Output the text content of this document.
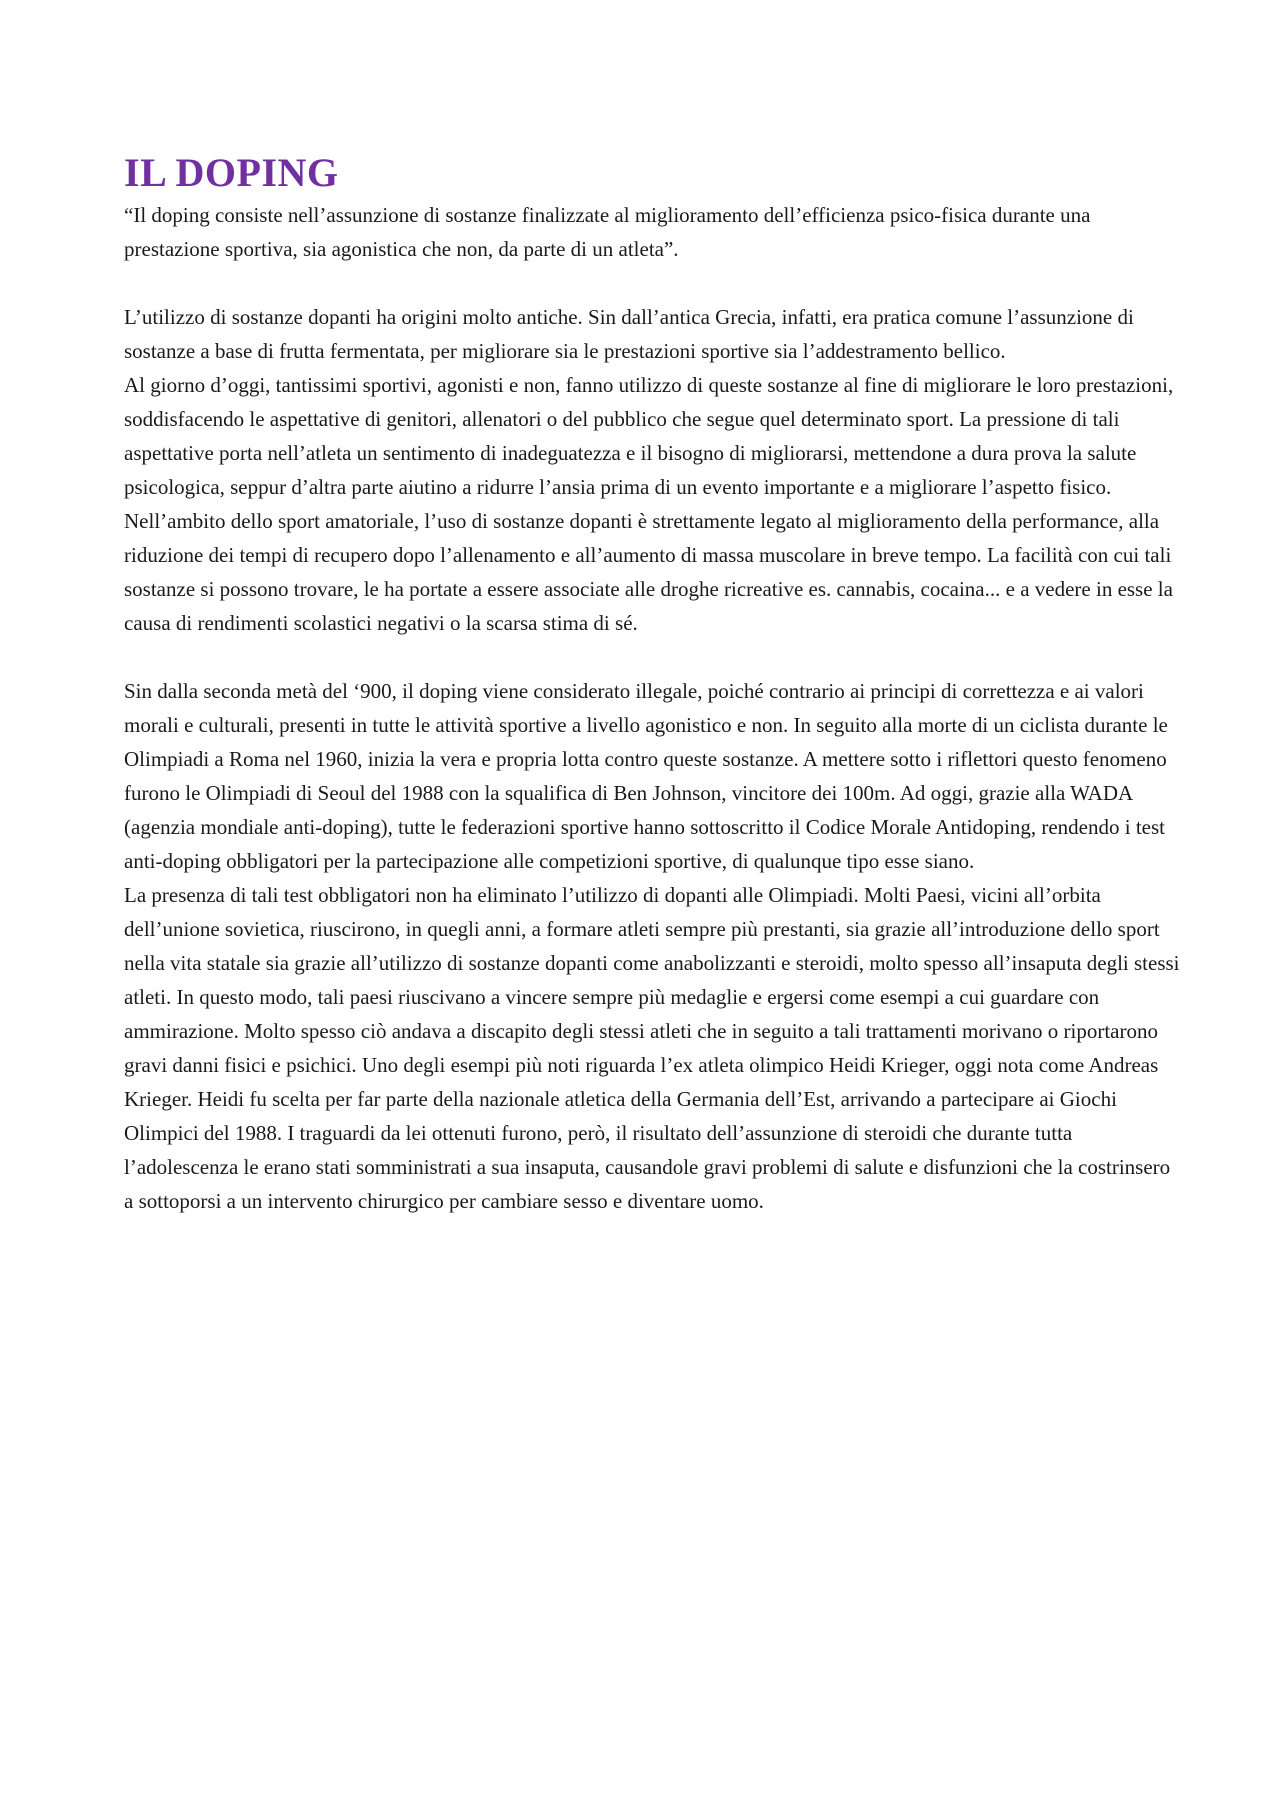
IL DOPING

“Il doping consiste nell’assunzione di sostanze finalizzate al miglioramento dell’efficienza psico-fisica durante una prestazione sportiva, sia agonistica che non, da parte di un atleta”.

L’utilizzo di sostanze dopanti ha origini molto antiche. Sin dall’antica Grecia, infatti, era pratica comune l’assunzione di sostanze a base di frutta fermentata, per migliorare sia le prestazioni sportive sia l’addestramento bellico.

Al giorno d’oggi, tantissimi sportivi, agonisti e non, fanno utilizzo di queste sostanze al fine di migliorare le loro prestazioni, soddisfacendo le aspettative di genitori, allenatori o del pubblico che segue quel determinato sport. La pressione di tali aspettative porta nell’atleta un sentimento di inadeguatezza e il bisogno di migliorarsi, mettendone a dura prova la salute psicologica, seppur d’altra parte aiutino a ridurre l’ansia prima di un evento importante e a migliorare l’aspetto fisico. Nell’ambito dello sport amatoriale, l’uso di sostanze dopanti è strettamente legato al miglioramento della performance, alla riduzione dei tempi di recupero dopo l’allenamento e all’aumento di massa muscolare in breve tempo. La facilità con cui tali sostanze si possono trovare, le ha portate a essere associate alle droghe ricreative es. cannabis, cocaina... e a vedere in esse la causa di rendimenti scolastici negativi o la scarsa stima di sé.

Sin dalla seconda metà del ‘900, il doping viene considerato illegale, poiché contrario ai principi di correttezza e ai valori morali e culturali, presenti in tutte le attività sportive a livello agonistico e non. In seguito alla morte di un ciclista durante le Olimpiadi a Roma nel 1960, inizia la vera e propria lotta contro queste sostanze. A mettere sotto i riflettori questo fenomeno furono le Olimpiadi di Seoul del 1988 con la squalifica di Ben Johnson, vincitore dei 100m. Ad oggi, grazie alla WADA (agenzia mondiale anti-doping), tutte le federazioni sportive hanno sottoscritto il Codice Morale Antidoping, rendendo i test anti-doping obbligatori per la partecipazione alle competizioni sportive, di qualunque tipo esse siano.

La presenza di tali test obbligatori non ha eliminato l’utilizzo di dopanti alle Olimpiadi. Molti Paesi, vicini all’orbita dell’unione sovietica, riuscirono, in quegli anni, a formare atleti sempre più prestanti, sia grazie all’introduzione dello sport nella vita statale sia grazie all’utilizzo di sostanze dopanti come anabolizzanti e steroidi, molto spesso all’insaputa degli stessi atleti. In questo modo, tali paesi riuscivano a vincere sempre più medaglie e ergersi come esempi a cui guardare con ammirazione. Molto spesso ciò andava a discapito degli stessi atleti che in seguito a tali trattamenti morivano o riportarono gravi danni fisici e psichici. Uno degli esempi più noti riguarda l’ex atleta olimpico Heidi Krieger, oggi nota come Andreas Krieger. Heidi fu scelta per far parte della nazionale atletica della Germania dell’Est, arrivando a partecipare ai Giochi Olimpici del 1988. I traguardi da lei ottenuti furono, però, il risultato dell’assunzione di steroidi che durante tutta l’adolescenza le erano stati somministrati a sua insaputa, causandole gravi problemi di salute e disfunzioni che la costrinsero a sottoporsi a un intervento chirurgico per cambiare sesso e diventare uomo.
